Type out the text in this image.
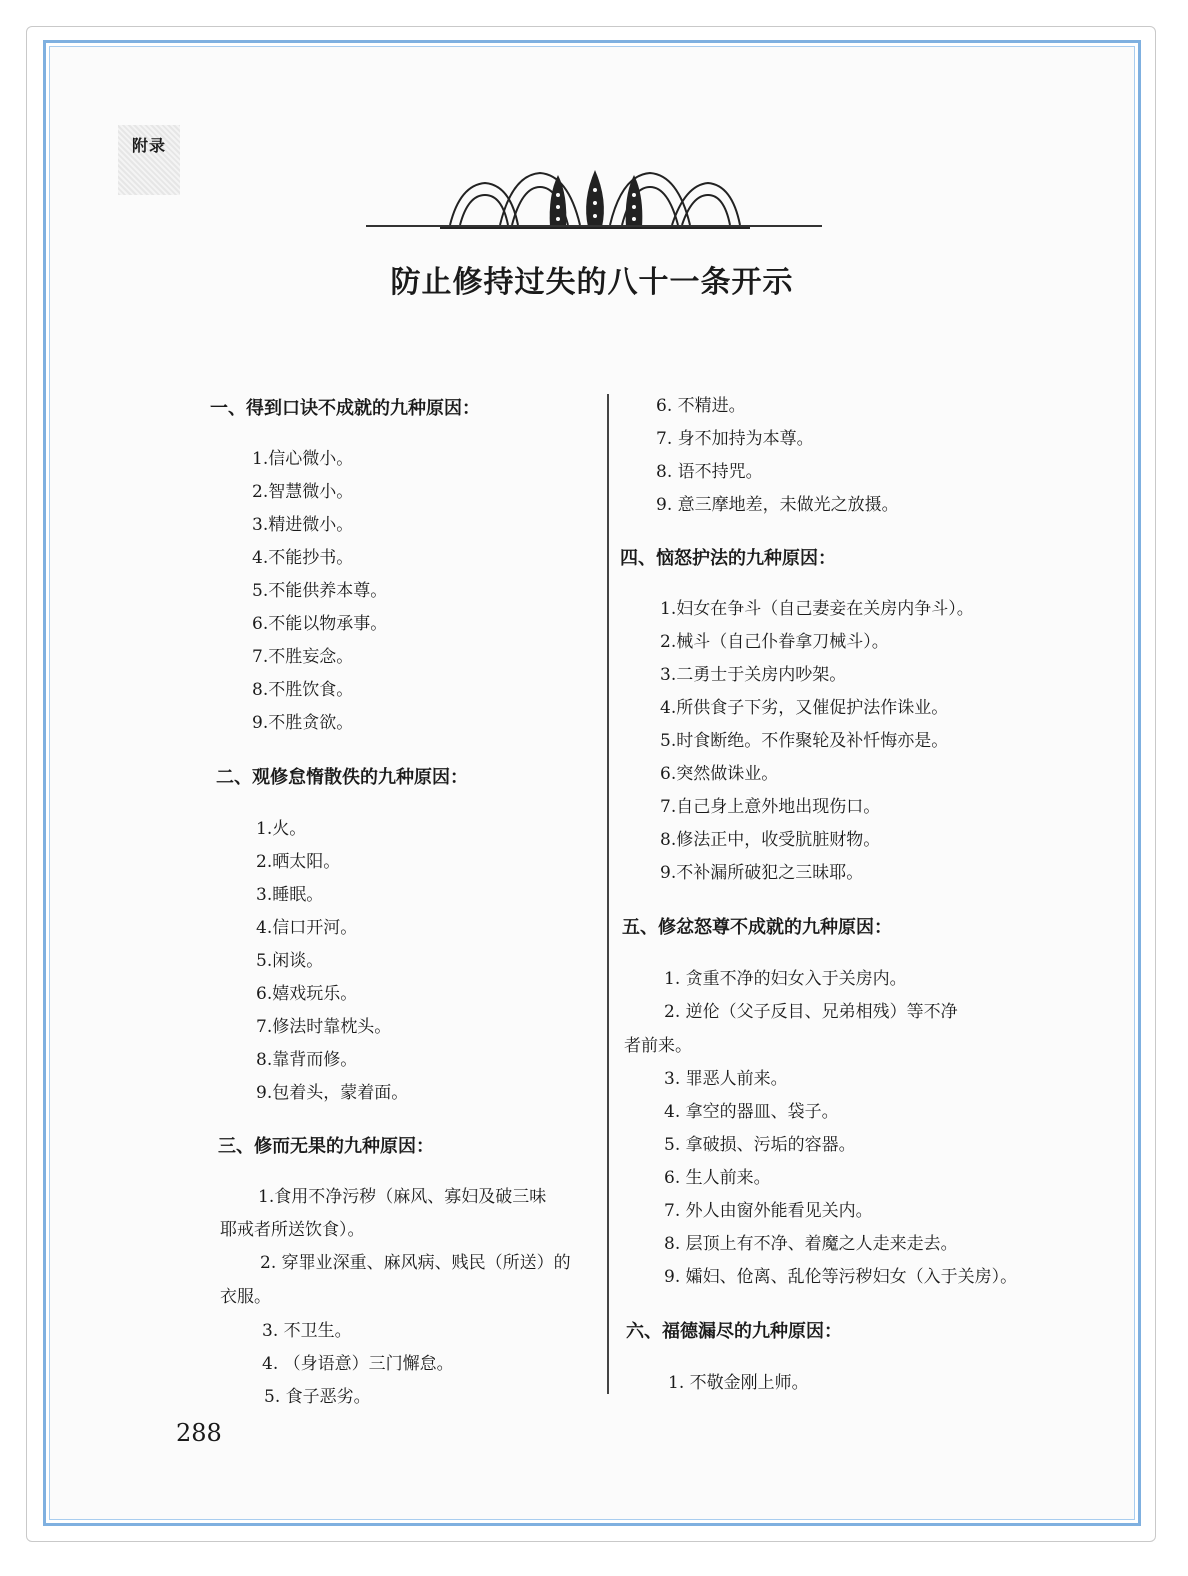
附录
防止修持过失的八十一条开示
一、得到口诀不成就的九种原因：
1.信心微小。
2.智慧微小。
3.精进微小。
4.不能抄书。
5.不能供养本尊。
6.不能以物承事。
7.不胜妄念。
8.不胜饮食。
9.不胜贪欲。
二、观修怠惰散佚的九种原因：
1.火。
2.晒太阳。
3.睡眠。
4.信口开河。
5.闲谈。
6.嬉戏玩乐。
7.修法时靠枕头。
8.靠背而修。
9.包着头，蒙着面。
三、修而无果的九种原因：
1.食用不净污秽（麻风、寡妇及破三味
耶戒者所送饮食）。
2. 穿罪业深重、麻风病、贱民（所送）的
衣服。
3. 不卫生。
4. （身语意）三门懈怠。
5. 食子恶劣。
6. 不精进。
7. 身不加持为本尊。
8. 语不持咒。
9. 意三摩地差，未做光之放摄。
四、恼怒护法的九种原因：
1.妇女在争斗（自己妻妾在关房内争斗）。
2.械斗（自己仆眷拿刀械斗）。
3.二勇士于关房内吵架。
4.所供食子下劣，又催促护法作诛业。
5.时食断绝。不作聚轮及补忏悔亦是。
6.突然做诛业。
7.自己身上意外地出现伤口。
8.修法正中，收受肮脏财物。
9.不补漏所破犯之三昧耶。
五、修忿怒尊不成就的九种原因：
1. 贪重不净的妇女入于关房内。
2. 逆伦（父子反目、兄弟相残）等不净
者前来。
3. 罪恶人前来。
4. 拿空的器皿、袋子。
5. 拿破损、污垢的容器。
6. 生人前来。
7. 外人由窗外能看见关内。
8. 层顶上有不净、着魔之人走来走去。
9. 孀妇、伧离、乱伦等污秽妇女（入于关房）。
六、福德漏尽的九种原因：
1. 不敬金刚上师。
288
